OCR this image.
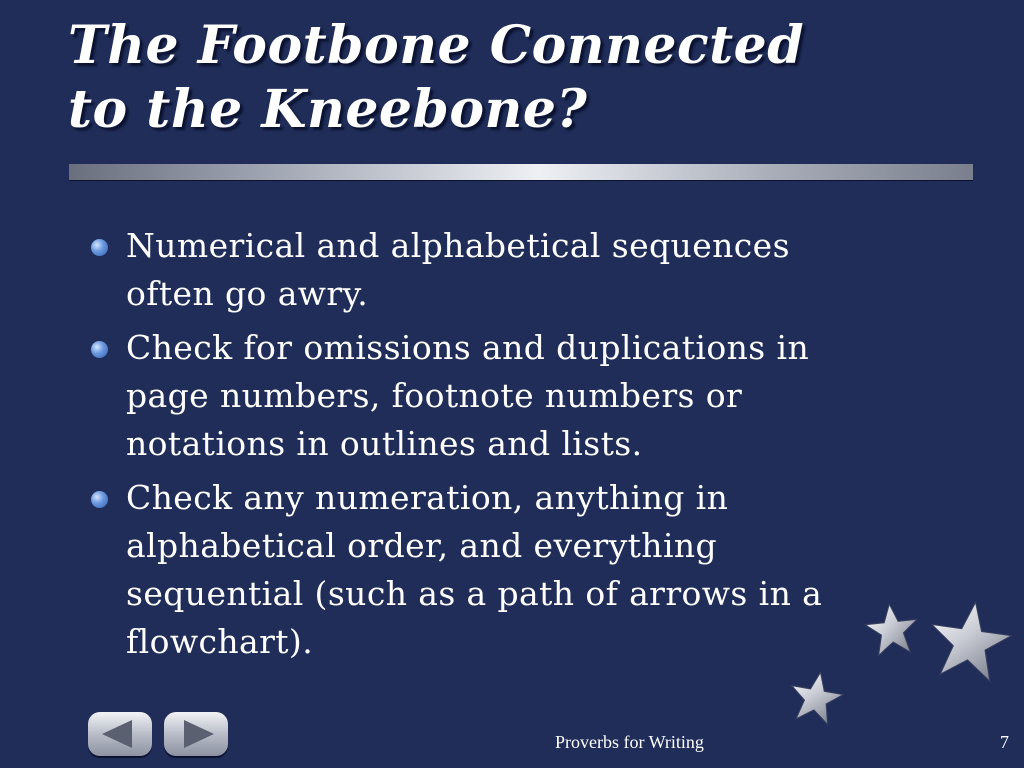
The Footbone Connected
to the Kneebone?
Numerical and alphabetical sequences
often go awry.
Check for omissions and duplications in
page numbers, footnote numbers or
notations in outlines and lists.
Check any numeration, anything in
alphabetical order, and everything
sequential (such as a path of arrows in a
flowchart).
Proverbs for Writing	7
